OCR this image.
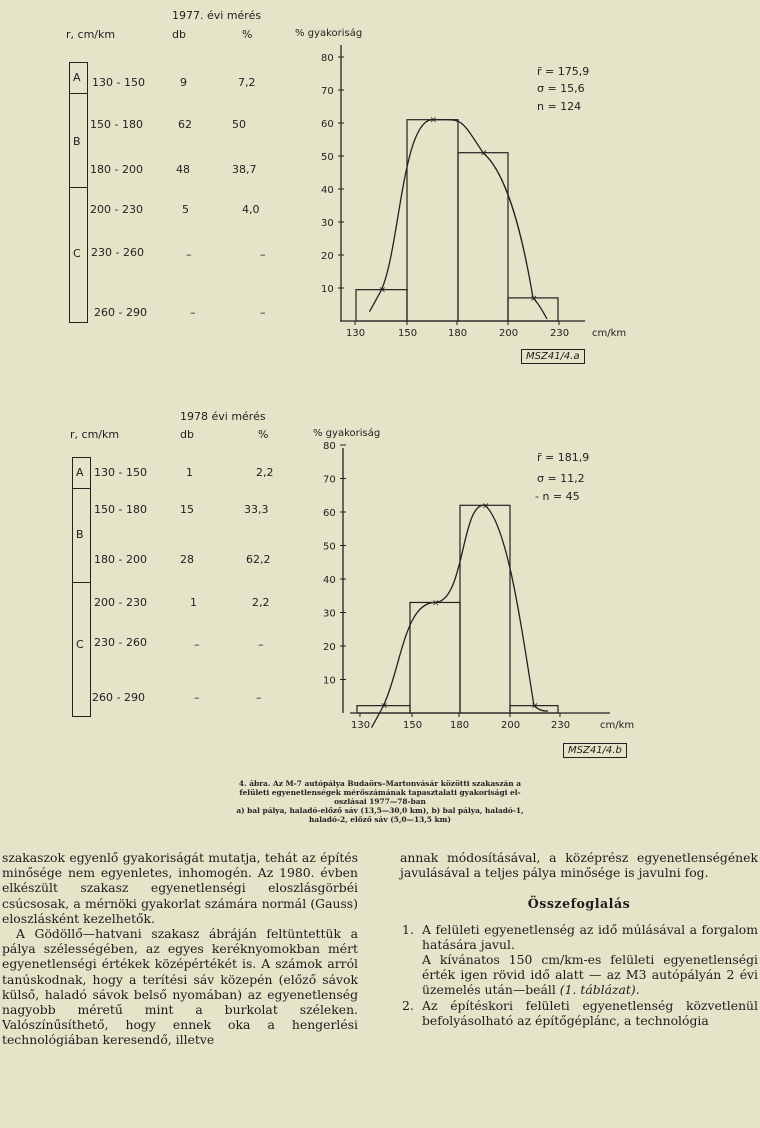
1977. évi mérés
r, cm/km	db	%
A
B
C
130 - 150	9	7,2
150 - 180	62	50
180 - 200	48	38,7
200 - 230	5	4,0
230 - 260	–	–
260 - 290	–	–
% gyakoriság
cm/km
10
20
30
40
50
60
70
80
130	150	180	200	230
×
×
×
×
r̄ = 175,9
σ = 15,6
n = 124
MSZ41/4.a
1978 évi mérés
r, cm/km	db	%
A
B
C
130 - 150	1	2,2
150 - 180	15	33,3
180 - 200	28	62,2
200 - 230	1	2,2
230 - 260	–	–
260 - 290	–	–
% gyakoriság
cm/km
10
20
30
40
50
60
70
80
130	150	180	200	230
×
×
×
×
r̄ = 181,9
σ = 11,2
- n = 45
MSZ41/4.b
4. ábra. Az M-7 autópálya Budaörs–Martonvásár közötti szakaszán a
felületi egyenetlenségek mérőszámának tapasztalati gyakorisági el-
oszlásai 1977—78-ban
a) bal pálya, haladó-előző sáv (13,5—30,0 km), b) bal pálya, haladó-1,
haladó-2, előző sáv (5,0—13,5 km)

szakaszok egyenlő gyakoriságát mutatja, tehát az építés minősége nem egyenletes, inhomogén. Az 1980. évben elkészült szakasz egyenetlenségi eloszlásgörbéi csúcsosak, a mérnöki gyakorlat számára normál (Gauss) eloszlásként kezelhetők.

A Gödöllő—hatvani szakasz ábráján feltüntettük a pálya szélességében, az egyes keréknyomokban mért egyenetlenségi értékek középértékét is. A számok arról tanúskodnak, hogy a terítési sáv közepén (előző sávok külső, haladó sávok belső nyomában) az egyenetlenség nagyobb méretű mint a burkolat széleken. Valószínűsíthető, hogy ennek oka a hengerlési technológiában keresendő, illetve

annak módosításával, a középrész egyenetlenségének javulásával a teljes pálya minősége is javulni fog.

Összefoglalás
1. A felületi egyenetlenség az idő múlásával a forgalom hatására javul.
A kívánatos 150 cm/km-es felületi egyenetlenségi érték igen rövid idő alatt — az M3 autópályán 2 évi üzemelés után—beáll (1. táblázat).
2. Az építéskori felületi egyenetlenség közvetlenül befolyásolható az építőgéplánc, a technológia
